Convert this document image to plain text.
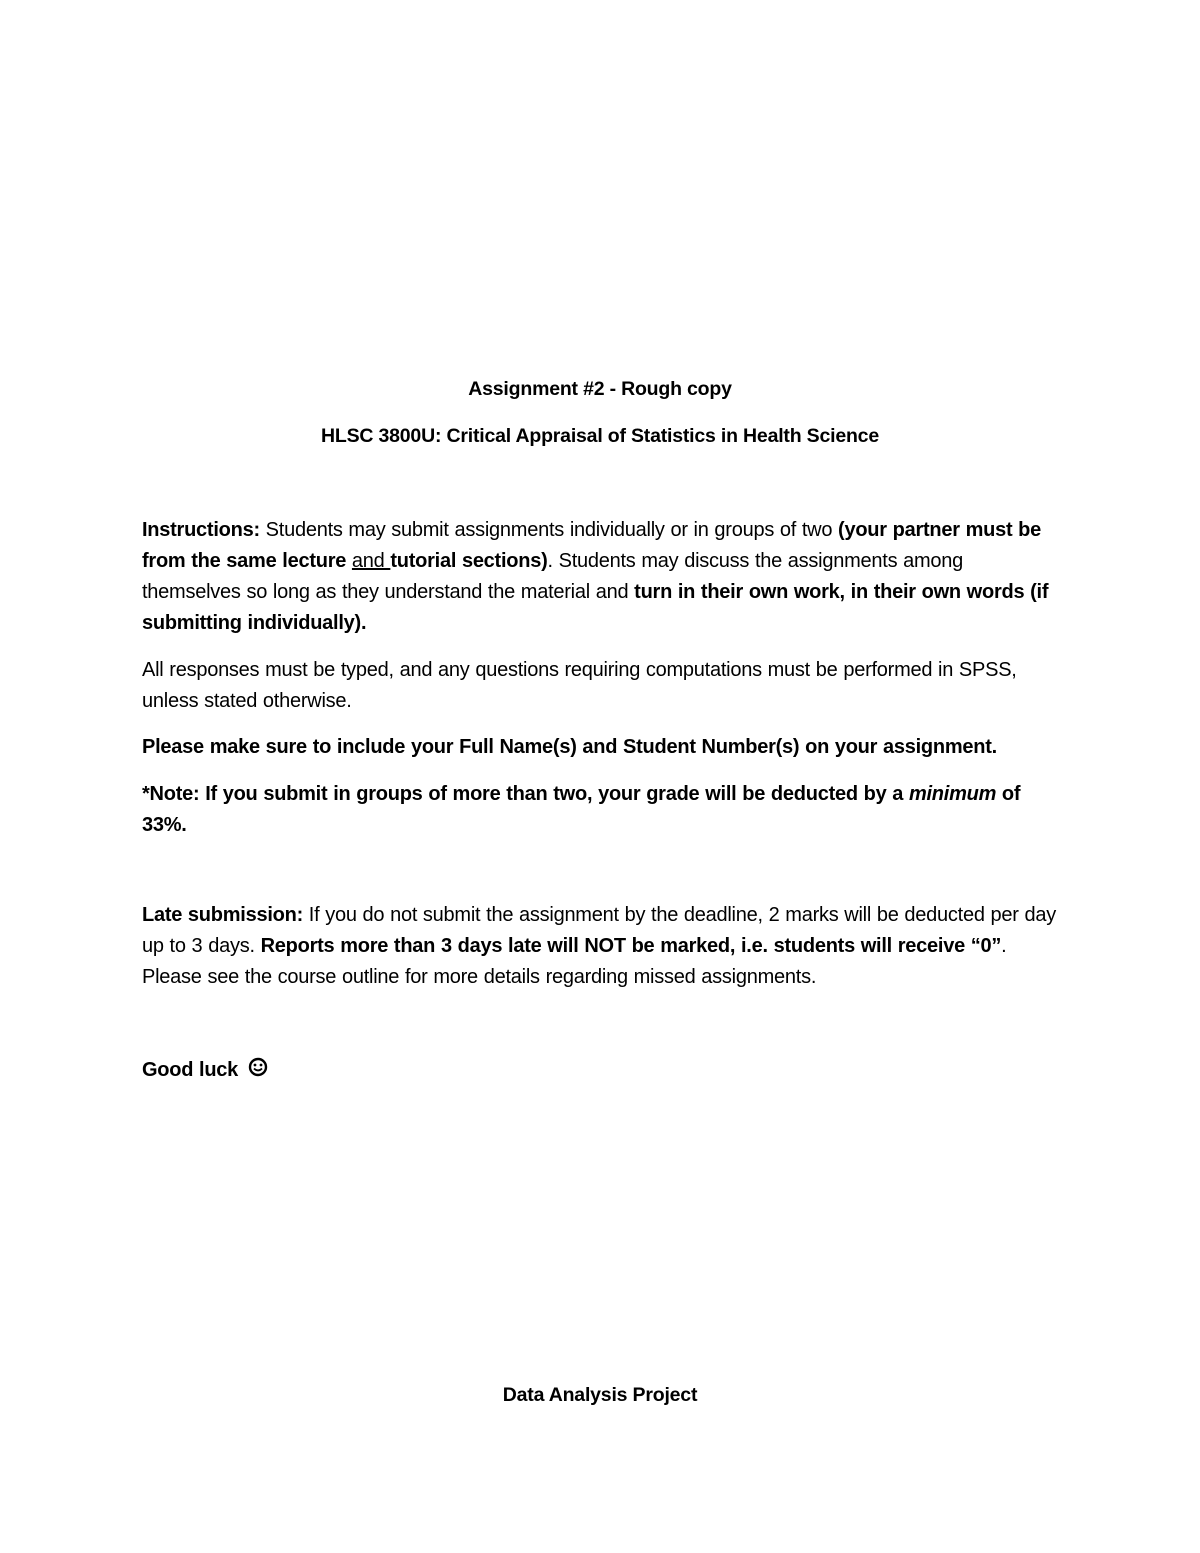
Assignment #2 - Rough copy
HLSC 3800U: Critical Appraisal of Statistics in Health Science
Instructions: Students may submit assignments individually or in groups of two (your partner must be from the same lecture and tutorial sections). Students may discuss the assignments among themselves so long as they understand the material and turn in their own work, in their own words (if submitting individually).
All responses must be typed, and any questions requiring computations must be performed in SPSS, unless stated otherwise.
Please make sure to include your Full Name(s) and Student Number(s) on your assignment.
*Note: If you submit in groups of more than two, your grade will be deducted by a minimum of 33%.
Late submission: If you do not submit the assignment by the deadline, 2 marks will be deducted per day up to 3 days. Reports more than 3 days late will NOT be marked, i.e. students will receive “0”. Please see the course outline for more details regarding missed assignments.
Good luck
Data Analysis Project
